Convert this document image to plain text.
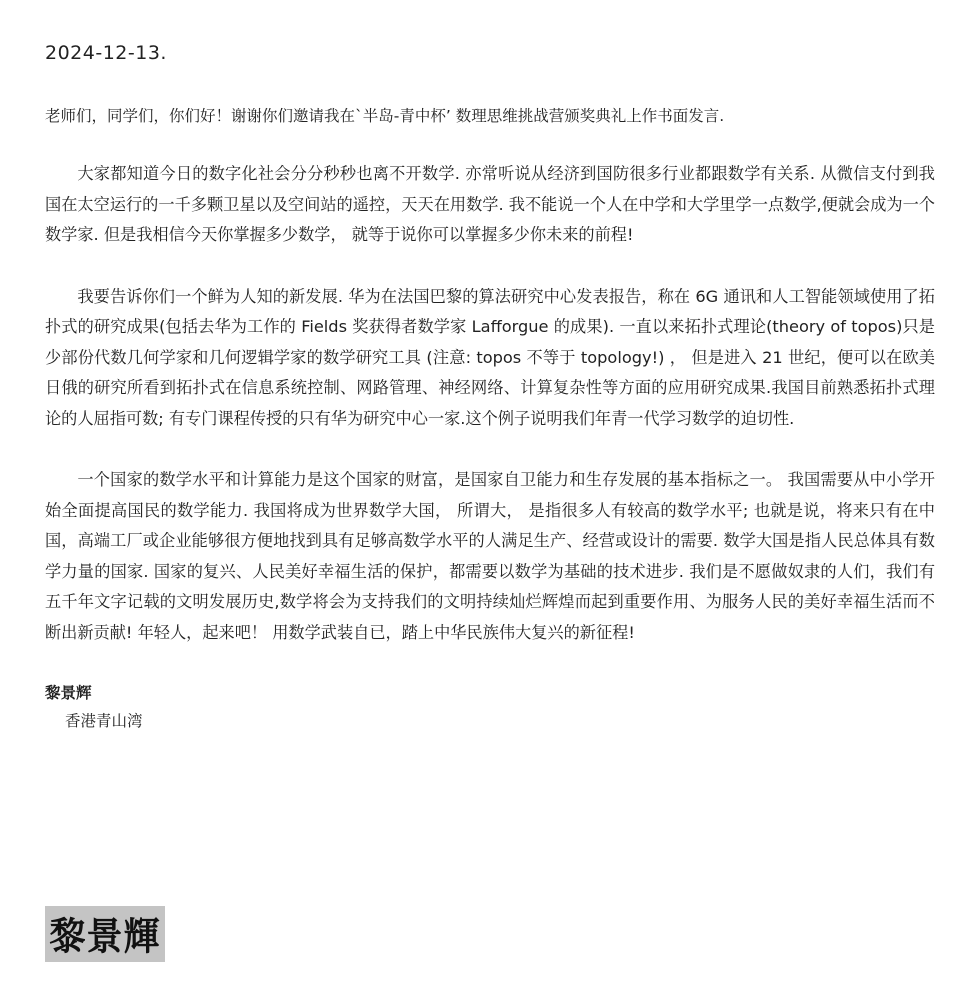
2024-12-13.
老师们，同学们，你们好！谢谢你们邀请我在`半岛-青中杯’ 数理思维挑战营颁奖典礼上作书面发言.

大家都知道今日的数字化社会分分秒秒也离不开数学. 亦常听说从经济到国防很多行业都跟数学有关系. 从微信支付到我国在太空运行的一千多颗卫星以及空间站的遥控，天天在用数学. 我不能说一个人在中学和大学里学一点数学,便就会成为一个数学家. 但是我相信今天你掌握多少数学， 就等于说你可以掌握多少你未来的前程!

我要告诉你们一个鲜为人知的新发展. 华为在法国巴黎的算法研究中心发表报告，称在 6G 通讯和人工智能领域使用了拓扑式的研究成果(包括去华为工作的 Fields 奖获得者数学家 Lafforgue 的成果). 一直以来拓扑式理论(theory of topos)只是少部份代数几何学家和几何逻辑学家的数学研究工具 (注意: topos 不等于 topology!) ， 但是进入 21 世纪，便可以在欧美日俄的研究所看到拓扑式在信息系统控制、网路管理、神经网络、计算复杂性等方面的应用研究成果.我国目前熟悉拓扑式理论的人屈指可数; 有专门课程传授的只有华为研究中心一家.这个例子说明我们年青一代学习数学的迫切性.

一个国家的数学水平和计算能力是这个国家的财富，是国家自卫能力和生存发展的基本指标之一。 我国需要从中小学开始全面提高国民的数学能力. 我国将成为世界数学大国， 所谓大， 是指很多人有较高的数学水平; 也就是说，将来只有在中国，高端工厂或企业能够很方便地找到具有足够高数学水平的人满足生产、经营或设计的需要. 数学大国是指人民总体具有数学力量的国家. 国家的复兴、人民美好幸福生活的保护，都需要以数学为基础的技术进步. 我们是不愿做奴隶的人们，我们有五千年文字记载的文明发展历史,数学将会为支持我们的文明持续灿烂辉煌而起到重要作用、为服务人民的美好幸福生活而不断出新贡献! 年轻人，起来吧！ 用数学武装自已，踏上中华民族伟大复兴的新征程!

黎景辉
香港青山湾
黎景輝
